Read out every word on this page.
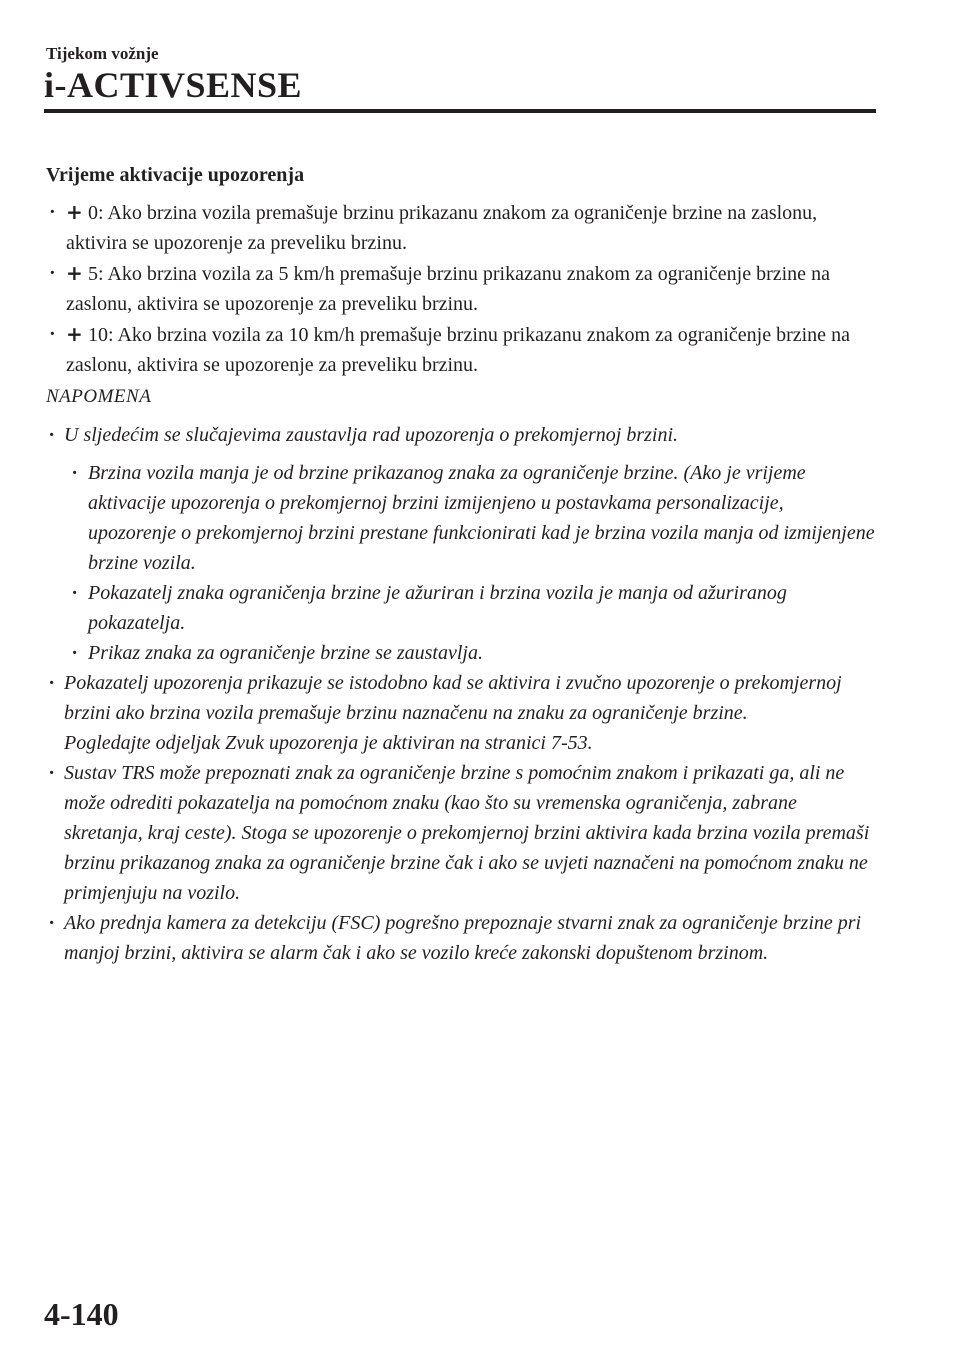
Tijekom vožnje
i-ACTIVSENSE
Vrijeme aktivacije upozorenja
· + 0: Ako brzina vozila premašuje brzinu prikazanu znakom za ograničenje brzine na zaslonu, aktivira se upozorenje za preveliku brzinu.
· + 5: Ako brzina vozila za 5 km/h premašuje brzinu prikazanu znakom za ograničenje brzine na zaslonu, aktivira se upozorenje za preveliku brzinu.
· + 10: Ako brzina vozila za 10 km/h premašuje brzinu prikazanu znakom za ograničenje brzine na zaslonu, aktivira se upozorenje za preveliku brzinu.
NAPOMENA
· U sljedećim se slučajevima zaustavlja rad upozorenja o prekomjernoj brzini.
· Brzina vozila manja je od brzine prikazanog znaka za ograničenje brzine. (Ako je vrijeme aktivacije upozorenja o prekomjernoj brzini izmijenjeno u postavkama personalizacije, upozorenje o prekomjernoj brzini prestane funkcionirati kad je brzina vozila manja od izmijenjene brzine vozila.
· Pokazatelj znaka ograničenja brzine je ažuriran i brzina vozila je manja od ažuriranog pokazatelja.
· Prikaz znaka za ograničenje brzine se zaustavlja.
· Pokazatelj upozorenja prikazuje se istodobno kad se aktivira i zvučno upozorenje o prekomjernoj brzini ako brzina vozila premašuje brzinu naznačenu na znaku za ograničenje brzine.
Pogledajte odjeljak Zvuk upozorenja je aktiviran na stranici 7-53.
· Sustav TRS može prepoznati znak za ograničenje brzine s pomoćnim znakom i prikazati ga, ali ne može odrediti pokazatelja na pomoćnom znaku (kao što su vremenska ograničenja, zabrane skretanja, kraj ceste). Stoga se upozorenje o prekomjernoj brzini aktivira kada brzina vozila premaši brzinu prikazanog znaka za ograničenje brzine čak i ako se uvjeti naznačeni na pomoćnom znaku ne primjenjuju na vozilo.
· Ako prednja kamera za detekciju (FSC) pogrešno prepoznaje stvarni znak za ograničenje brzine pri manjoj brzini, aktivira se alarm čak i ako se vozilo kreće zakonski dopuštenom brzinom.
4-140
